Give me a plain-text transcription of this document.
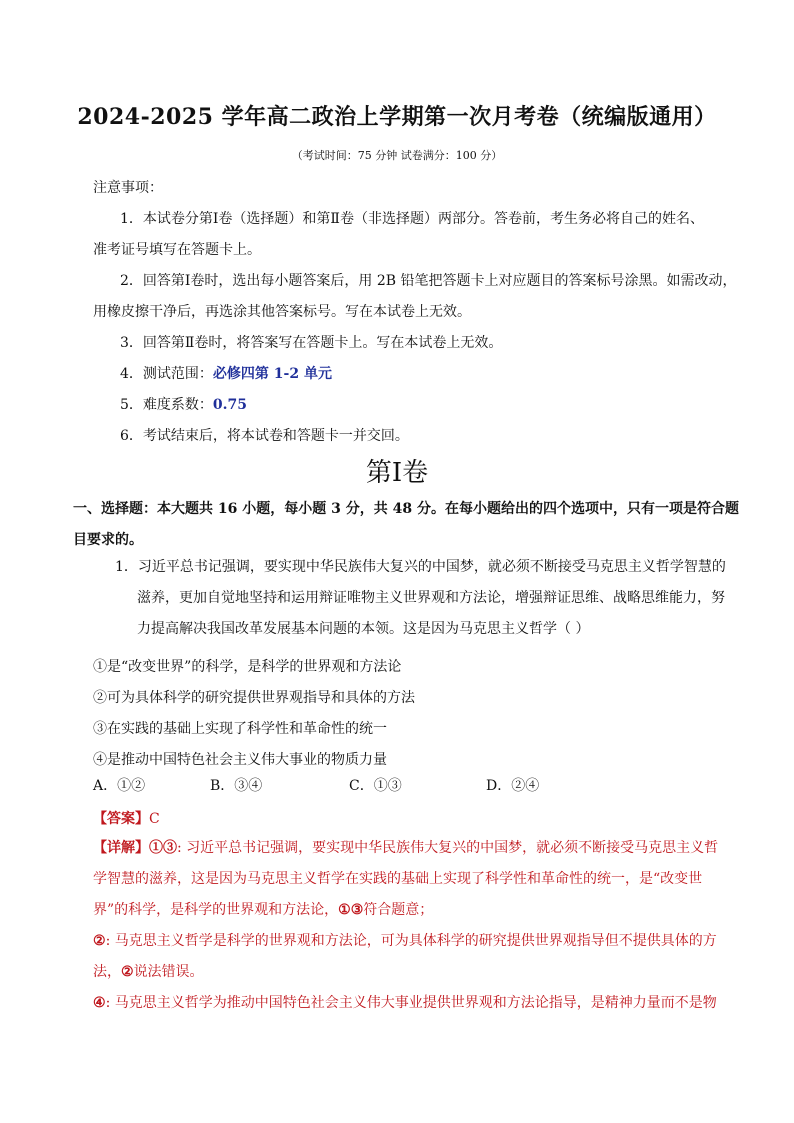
2024-2025 学年高二政治上学期第一次月考卷（统编版通用）
（考试时间：75 分钟 试卷满分：100 分）
注意事项：
1．本试卷分第Ⅰ卷（选择题）和第Ⅱ卷（非选择题）两部分。答卷前，考生务必将自己的姓名、
准考证号填写在答题卡上。
2．回答第Ⅰ卷时，选出每小题答案后，用 2B 铅笔把答题卡上对应题目的答案标号涂黑。如需改动，
用橡皮擦干净后，再选涂其他答案标号。写在本试卷上无效。
3．回答第Ⅱ卷时，将答案写在答题卡上。写在本试卷上无效。
4．测试范围：必修四第 1-2 单元
5．难度系数：0.75
6．考试结束后，将本试卷和答题卡一并交回。
第Ⅰ卷
一、选择题：本大题共 16 小题，每小题 3 分，共 48 分。在每小题给出的四个选项中，只有一项是符合题
目要求的。
1．习近平总书记强调，要实现中华民族伟大复兴的中国梦，就必须不断接受马克思主义哲学智慧的滋养，更加自觉地坚持和运用辩证唯物主义世界观和方法论，增强辩证思维、战略思维能力，努力提高解决我国改革发展基本问题的本领。这是因为马克思主义哲学（ ）
①是“改变世界”的科学，是科学的世界观和方法论
②可为具体科学的研究提供世界观指导和具体的方法
③在实践的基础上实现了科学性和革命性的统一
④是推动中国特色社会主义伟大事业的物质力量
A．①②	B．③④	C．①③	D．②④
【答案】C
【详解】①③: 习近平总书记强调，要实现中华民族伟大复兴的中国梦，就必须不断接受马克思主义哲学智慧的滋养，这是因为马克思主义哲学在实践的基础上实现了科学性和革命性的统一，是“改变世界”的科学，是科学的世界观和方法论，①③符合题意；
②: 马克思主义哲学是科学的世界观和方法论，可为具体科学的研究提供世界观指导但不提供具体的方法，②说法错误。
④: 马克思主义哲学为推动中国特色社会主义伟大事业提供世界观和方法论指导，是精神力量而不是物
